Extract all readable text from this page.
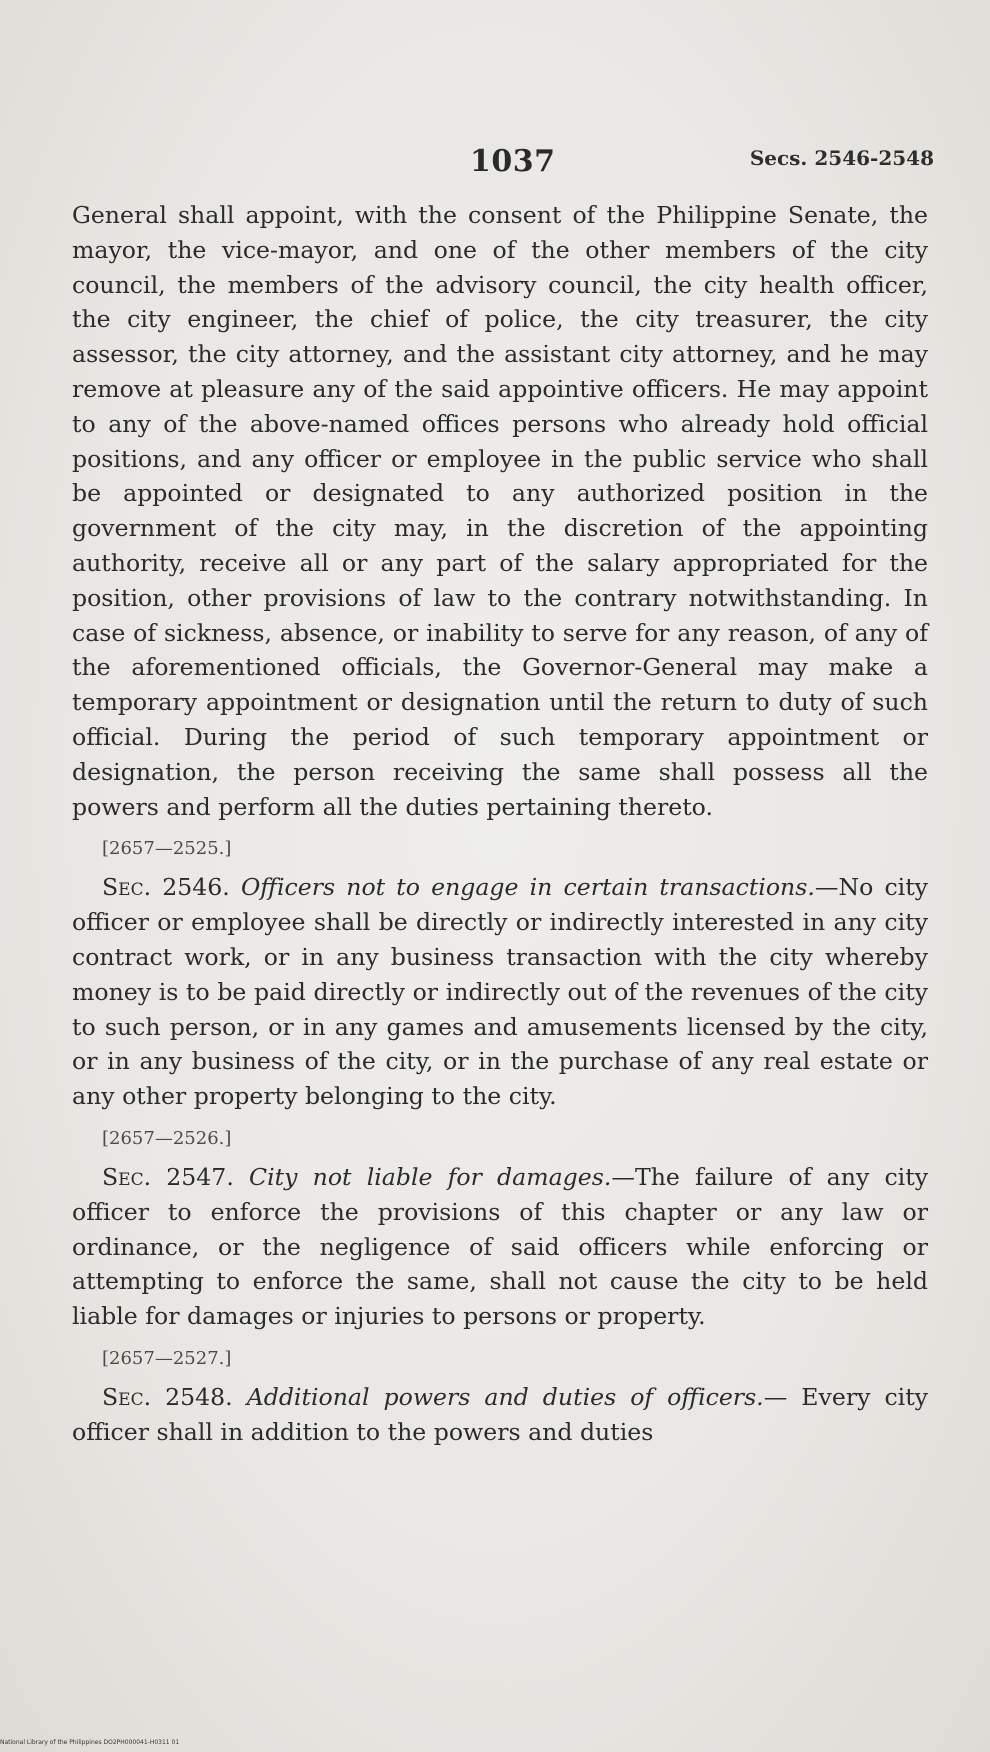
1037	Secs. 2546-2548

General shall appoint, with the consent of the Philippine Senate, the mayor, the vice-mayor, and one of the other members of the city council, the members of the advisory council, the city health officer, the city engineer, the chief of police, the city treasurer, the city assessor, the city attorney, and the assistant city attorney, and he may remove at pleasure any of the said appointive officers. He may appoint to any of the above-named offices persons who already hold official positions, and any officer or employee in the public service who shall be appointed or designated to any authorized position in the government of the city may, in the discretion of the appointing authority, receive all or any part of the salary appropriated for the position, other provisions of law to the contrary notwithstanding. In case of sickness, absence, or inability to serve for any reason, of any of the aforementioned officials, the Governor-General may make a temporary appointment or designation until the return to duty of such official. During the period of such temporary appointment or designation, the person receiving the same shall possess all the powers and perform all the duties pertaining thereto.

[2657—2525.]

Sec. 2546. Officers not to engage in certain transactions.—No city officer or employee shall be directly or indirectly interested in any city contract work, or in any business transaction with the city whereby money is to be paid directly or indirectly out of the revenues of the city to such person, or in any games and amusements licensed by the city, or in any business of the city, or in the purchase of any real estate or any other property belonging to the city.

[2657—2526.]

Sec. 2547. City not liable for damages.—The failure of any city officer to enforce the provisions of this chapter or any law or ordinance, or the negligence of said officers while enforcing or attempting to enforce the same, shall not cause the city to be held liable for damages or injuries to persons or property.

[2657—2527.]

Sec. 2548. Additional powers and duties of officers.— Every city officer shall in addition to the powers and duties

National Library of the Philippines DO2PH000041-H0311 01
